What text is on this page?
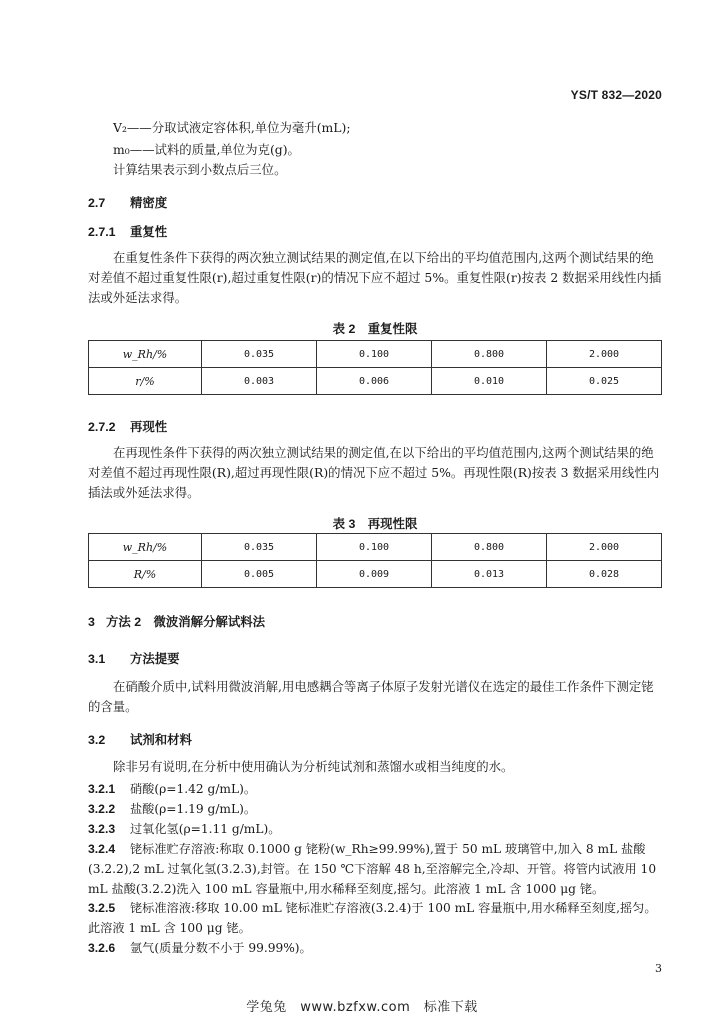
YS/T 832—2020
V₂——分取试液定容体积,单位为毫升(mL);
m₀——试料的质量,单位为克(g)。
计算结果表示到小数点后三位。
2.7 精密度
2.7.1 重复性
在重复性条件下获得的两次独立测试结果的测定值,在以下给出的平均值范围内,这两个测试结果的绝对差值不超过重复性限(r),超过重复性限(r)的情况下应不超过 5%。重复性限(r)按表 2 数据采用线性内插法或外延法求得。
表 2　重复性限
w_Rh/%	0.035	0.100	0.800	2.000
r/%	0.003	0.006	0.010	0.025
2.7.2 再现性
在再现性条件下获得的两次独立测试结果的测定值,在以下给出的平均值范围内,这两个测试结果的绝对差值不超过再现性限(R),超过再现性限(R)的情况下应不超过 5%。再现性限(R)按表 3 数据采用线性内插法或外延法求得。
表 3　再现性限
w_Rh/%	0.035	0.100	0.800	2.000
R/%	0.005	0.009	0.013	0.028
3 方法 2　微波消解分解试料法
3.1 方法提要
在硝酸介质中,试料用微波消解,用电感耦合等离子体原子发射光谱仪在选定的最佳工作条件下测定铑的含量。
3.2 试剂和材料
除非另有说明,在分析中使用确认为分析纯试剂和蒸馏水或相当纯度的水。
3.2.1 硝酸(ρ=1.42 g/mL)。
3.2.2 盐酸(ρ=1.19 g/mL)。
3.2.3 过氧化氢(ρ=1.11 g/mL)。
3.2.4 铑标准贮存溶液:称取 0.1000 g 铑粉(w_Rh≥99.99%),置于 50 mL 玻璃管中,加入 8 mL 盐酸(3.2.2),2 mL 过氧化氢(3.2.3),封管。在 150 ℃下溶解 48 h,至溶解完全,冷却、开管。将管内试液用 10 mL 盐酸(3.2.2)洗入 100 mL 容量瓶中,用水稀释至刻度,摇匀。此溶液 1 mL 含 1000 μg 铑。
3.2.5 铑标准溶液:移取 10.00 mL 铑标准贮存溶液(3.2.4)于 100 mL 容量瓶中,用水稀释至刻度,摇匀。此溶液 1 mL 含 100 μg 铑。
3.2.6 氩气(质量分数不小于 99.99%)。
3
学兔兔　www.bzfxw.com　标准下载
